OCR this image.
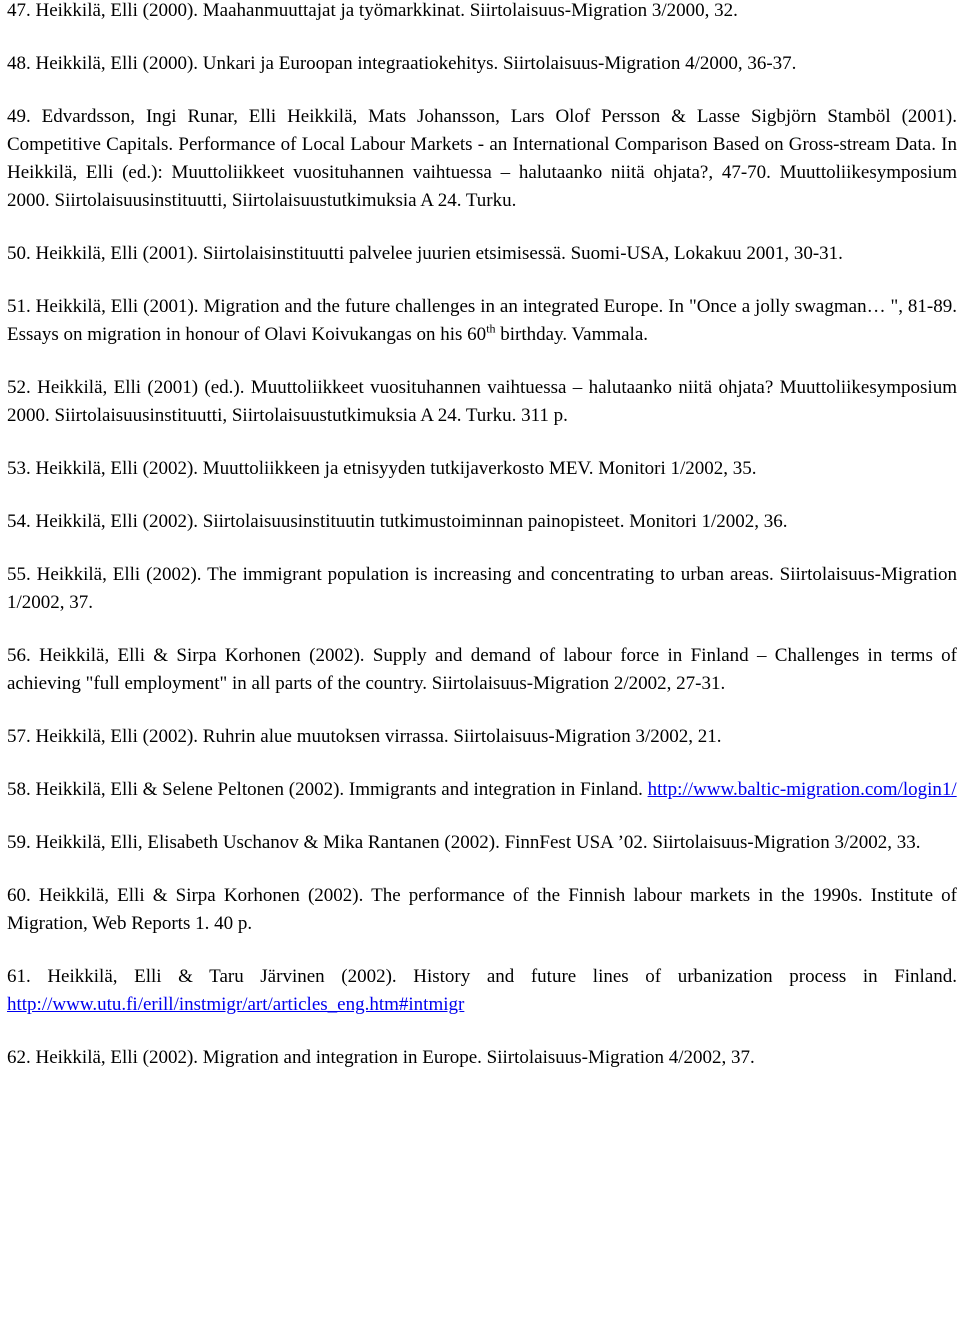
47. Heikkilä, Elli (2000). Maahanmuuttajat ja työmarkkinat. Siirtolaisuus-Migration 3/2000, 32.

48. Heikkilä, Elli (2000). Unkari ja Euroopan integraatiokehitys. Siirtolaisuus-Migration 4/2000, 36-37.

49. Edvardsson, Ingi Runar, Elli Heikkilä, Mats Johansson, Lars Olof Persson & Lasse Sigbjörn Stamböl (2001). Competitive Capitals. Performance of Local Labour Markets - an International Comparison Based on Gross-stream Data. In Heikkilä, Elli (ed.): Muuttoliikkeet vuosituhannen vaihtuessa – halutaanko niitä ohjata?, 47-70. Muuttoliikesymposium 2000. Siirtolaisuusinstituutti, Siirtolaisuustutkimuksia A 24. Turku.

50. Heikkilä, Elli (2001). Siirtolaisinstituutti palvelee juurien etsimisessä. Suomi-USA, Lokakuu 2001, 30-31.

51. Heikkilä, Elli (2001). Migration and the future challenges in an integrated Europe. In "Once a jolly swagman… ", 81-89. Essays on migration in honour of Olavi Koivukangas on his 60th birthday. Vammala.

52. Heikkilä, Elli (2001) (ed.). Muuttoliikkeet vuosituhannen vaihtuessa – halutaanko niitä ohjata? Muuttoliikesymposium 2000. Siirtolaisuusinstituutti, Siirtolaisuustutkimuksia A 24. Turku. 311 p.

53. Heikkilä, Elli (2002). Muuttoliikkeen ja etnisyyden tutkijaverkosto MEV. Monitori 1/2002, 35.

54. Heikkilä, Elli (2002). Siirtolaisuusinstituutin tutkimustoiminnan painopisteet. Monitori 1/2002, 36.

55. Heikkilä, Elli (2002). The immigrant population is increasing and concentrating to urban areas. Siirtolaisuus-Migration 1/2002, 37.

56. Heikkilä, Elli & Sirpa Korhonen (2002). Supply and demand of labour force in Finland – Challenges in terms of achieving "full employment" in all parts of the country. Siirtolaisuus-Migration 2/2002, 27-31.

57. Heikkilä, Elli (2002). Ruhrin alue muutoksen virrassa. Siirtolaisuus-Migration 3/2002, 21.

58. Heikkilä, Elli & Selene Peltonen (2002). Immigrants and integration in Finland. http://www.baltic-migration.com/login1/

59. Heikkilä, Elli, Elisabeth Uschanov & Mika Rantanen (2002). FinnFest USA ’02. Siirtolaisuus-Migration 3/2002, 33.

60. Heikkilä, Elli & Sirpa Korhonen (2002). The performance of the Finnish labour markets in the 1990s. Institute of Migration, Web Reports 1. 40 p.

61. Heikkilä, Elli & Taru Järvinen (2002). History and future lines of urbanization process in Finland. http://www.utu.fi/erill/instmigr/art/articles_eng.htm#intmigr

62. Heikkilä, Elli (2002). Migration and integration in Europe. Siirtolaisuus-Migration 4/2002, 37.
